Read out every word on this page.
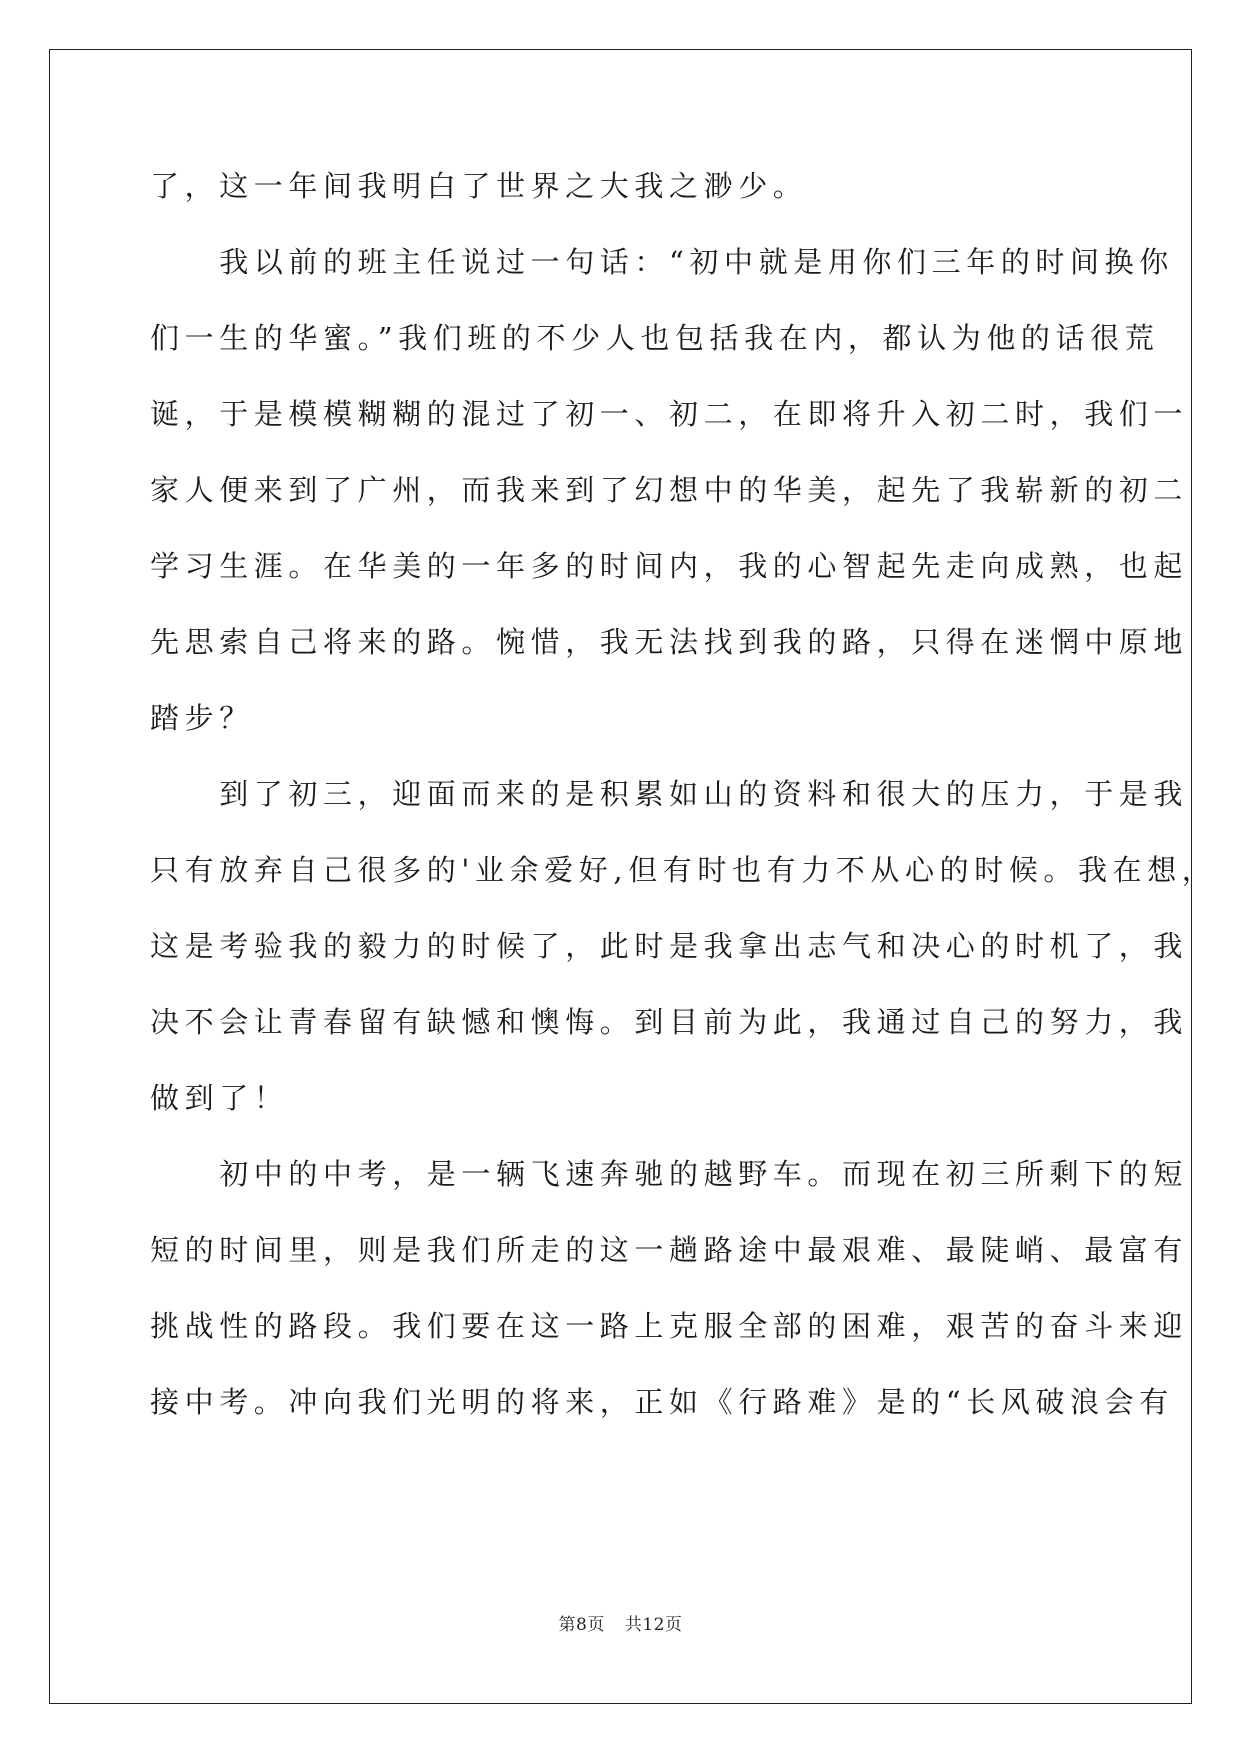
了，这一年间我明白了世界之大我之渺少。
　　我以前的班主任说过一句话：“初中就是用你们三年的时间换你
们一生的华蜜。”我们班的不少人也包括我在内，都认为他的话很荒
诞，于是模模糊糊的混过了初一、初二，在即将升入初二时，我们一
家人便来到了广州，而我来到了幻想中的华美，起先了我崭新的初二
学习生涯。在华美的一年多的时间内，我的心智起先走向成熟，也起
先思索自己将来的路。惋惜，我无法找到我的路，只得在迷惘中原地
踏步？
　　到了初三，迎面而来的是积累如山的资料和很大的压力，于是我
只有放弃自己很多的'业余爱好,但有时也有力不从心的时候。我在想，
这是考验我的毅力的时候了，此时是我拿出志气和决心的时机了，我
决不会让青春留有缺憾和懊悔。到目前为此，我通过自己的努力，我
做到了！
　　初中的中考，是一辆飞速奔驰的越野车。而现在初三所剩下的短
短的时间里，则是我们所走的这一趟路途中最艰难、最陡峭、最富有
挑战性的路段。我们要在这一路上克服全部的困难，艰苦的奋斗来迎
接中考。冲向我们光明的将来，正如《行路难》是的“长风破浪会有
第8页 共12页
